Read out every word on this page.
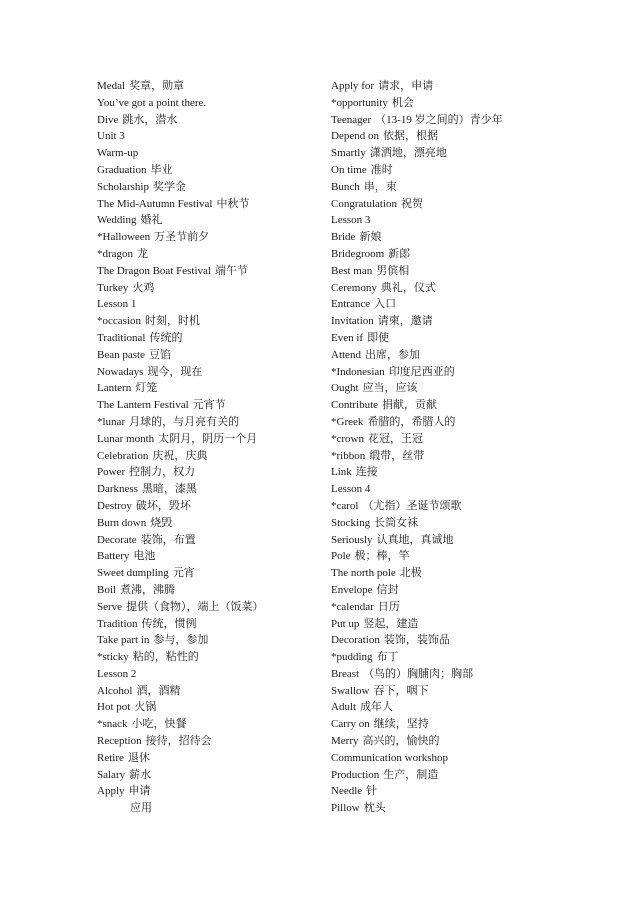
Medal 奖章，勋章
You’ve got a point there.
Dive 跳水，潜水
Unit 3
Warm-up
Graduation 毕业
Scholarship 奖学金
The Mid-Autumn Festival 中秋节
Wedding 婚礼
*Halloween 万圣节前夕
*dragon 龙
The Dragon Boat Festival 端午节
Turkey 火鸡
Lesson 1
*occasion 时刻，时机
Traditional 传统的
Bean paste 豆馅
Nowadays 现今，现在
Lantern 灯笼
The Lantern Festival 元宵节
*lunar 月球的，与月亮有关的
Lunar month 太阴月，阴历一个月
Celebration 庆祝，庆典
Power 控制力，权力
Darkness 黑暗，漆黑
Destroy 破坏，毁坏
Burn down 烧毁
Decorate 装饰，布置
Battery 电池
Sweet dumpling 元宵
Boil 煮沸，沸腾
Serve 提供（食物），端上（饭菜）
Tradition 传统，惯例
Take part in 参与，参加
*sticky 粘的，粘性的
Lesson 2
Alcohol 酒，酒精
Hot pot 火锅
*snack 小吃，快餐
Reception 接待，招待会
Retire 退休
Salary 薪水
Apply 申请
应用
Apply for 请求，申请
*opportunity 机会
Teenager （13-19 岁之间的）青少年
Depend on 依据，根据
Smartly 潇洒地，漂亮地
On time 准时
Bunch 串，束
Congratulation 祝贺
Lesson 3
Bride 新娘
Bridegroom 新郎
Best man 男傧相
Ceremony 典礼，仪式
Entrance 入口
Invitation 请柬，邀请
Even if 即使
Attend 出席，参加
*Indonesian 印度尼西亚的
Ought 应当，应该
Contribute 捐献，贡献
*Greek 希腊的，希腊人的
*crown 花冠，王冠
*ribbon 缎带，丝带
Link 连接
Lesson 4
*carol （尤指）圣诞节颂歌
Stocking 长筒女袜
Seriously 认真地，真诚地
Pole 极；棒，竿
The north pole 北极
Envelope 信封
*calendar 日历
Put up 竖起，建造
Decoration 装饰，装饰品
*pudding 布丁
Breast （鸟的）胸脯肉；胸部
Swallow 吞下，咽下
Adult 成年人
Carry on 继续，坚持
Merry 高兴的，愉快的
Communication workshop
Production 生产，制造
Needle 针
Pillow 枕头
